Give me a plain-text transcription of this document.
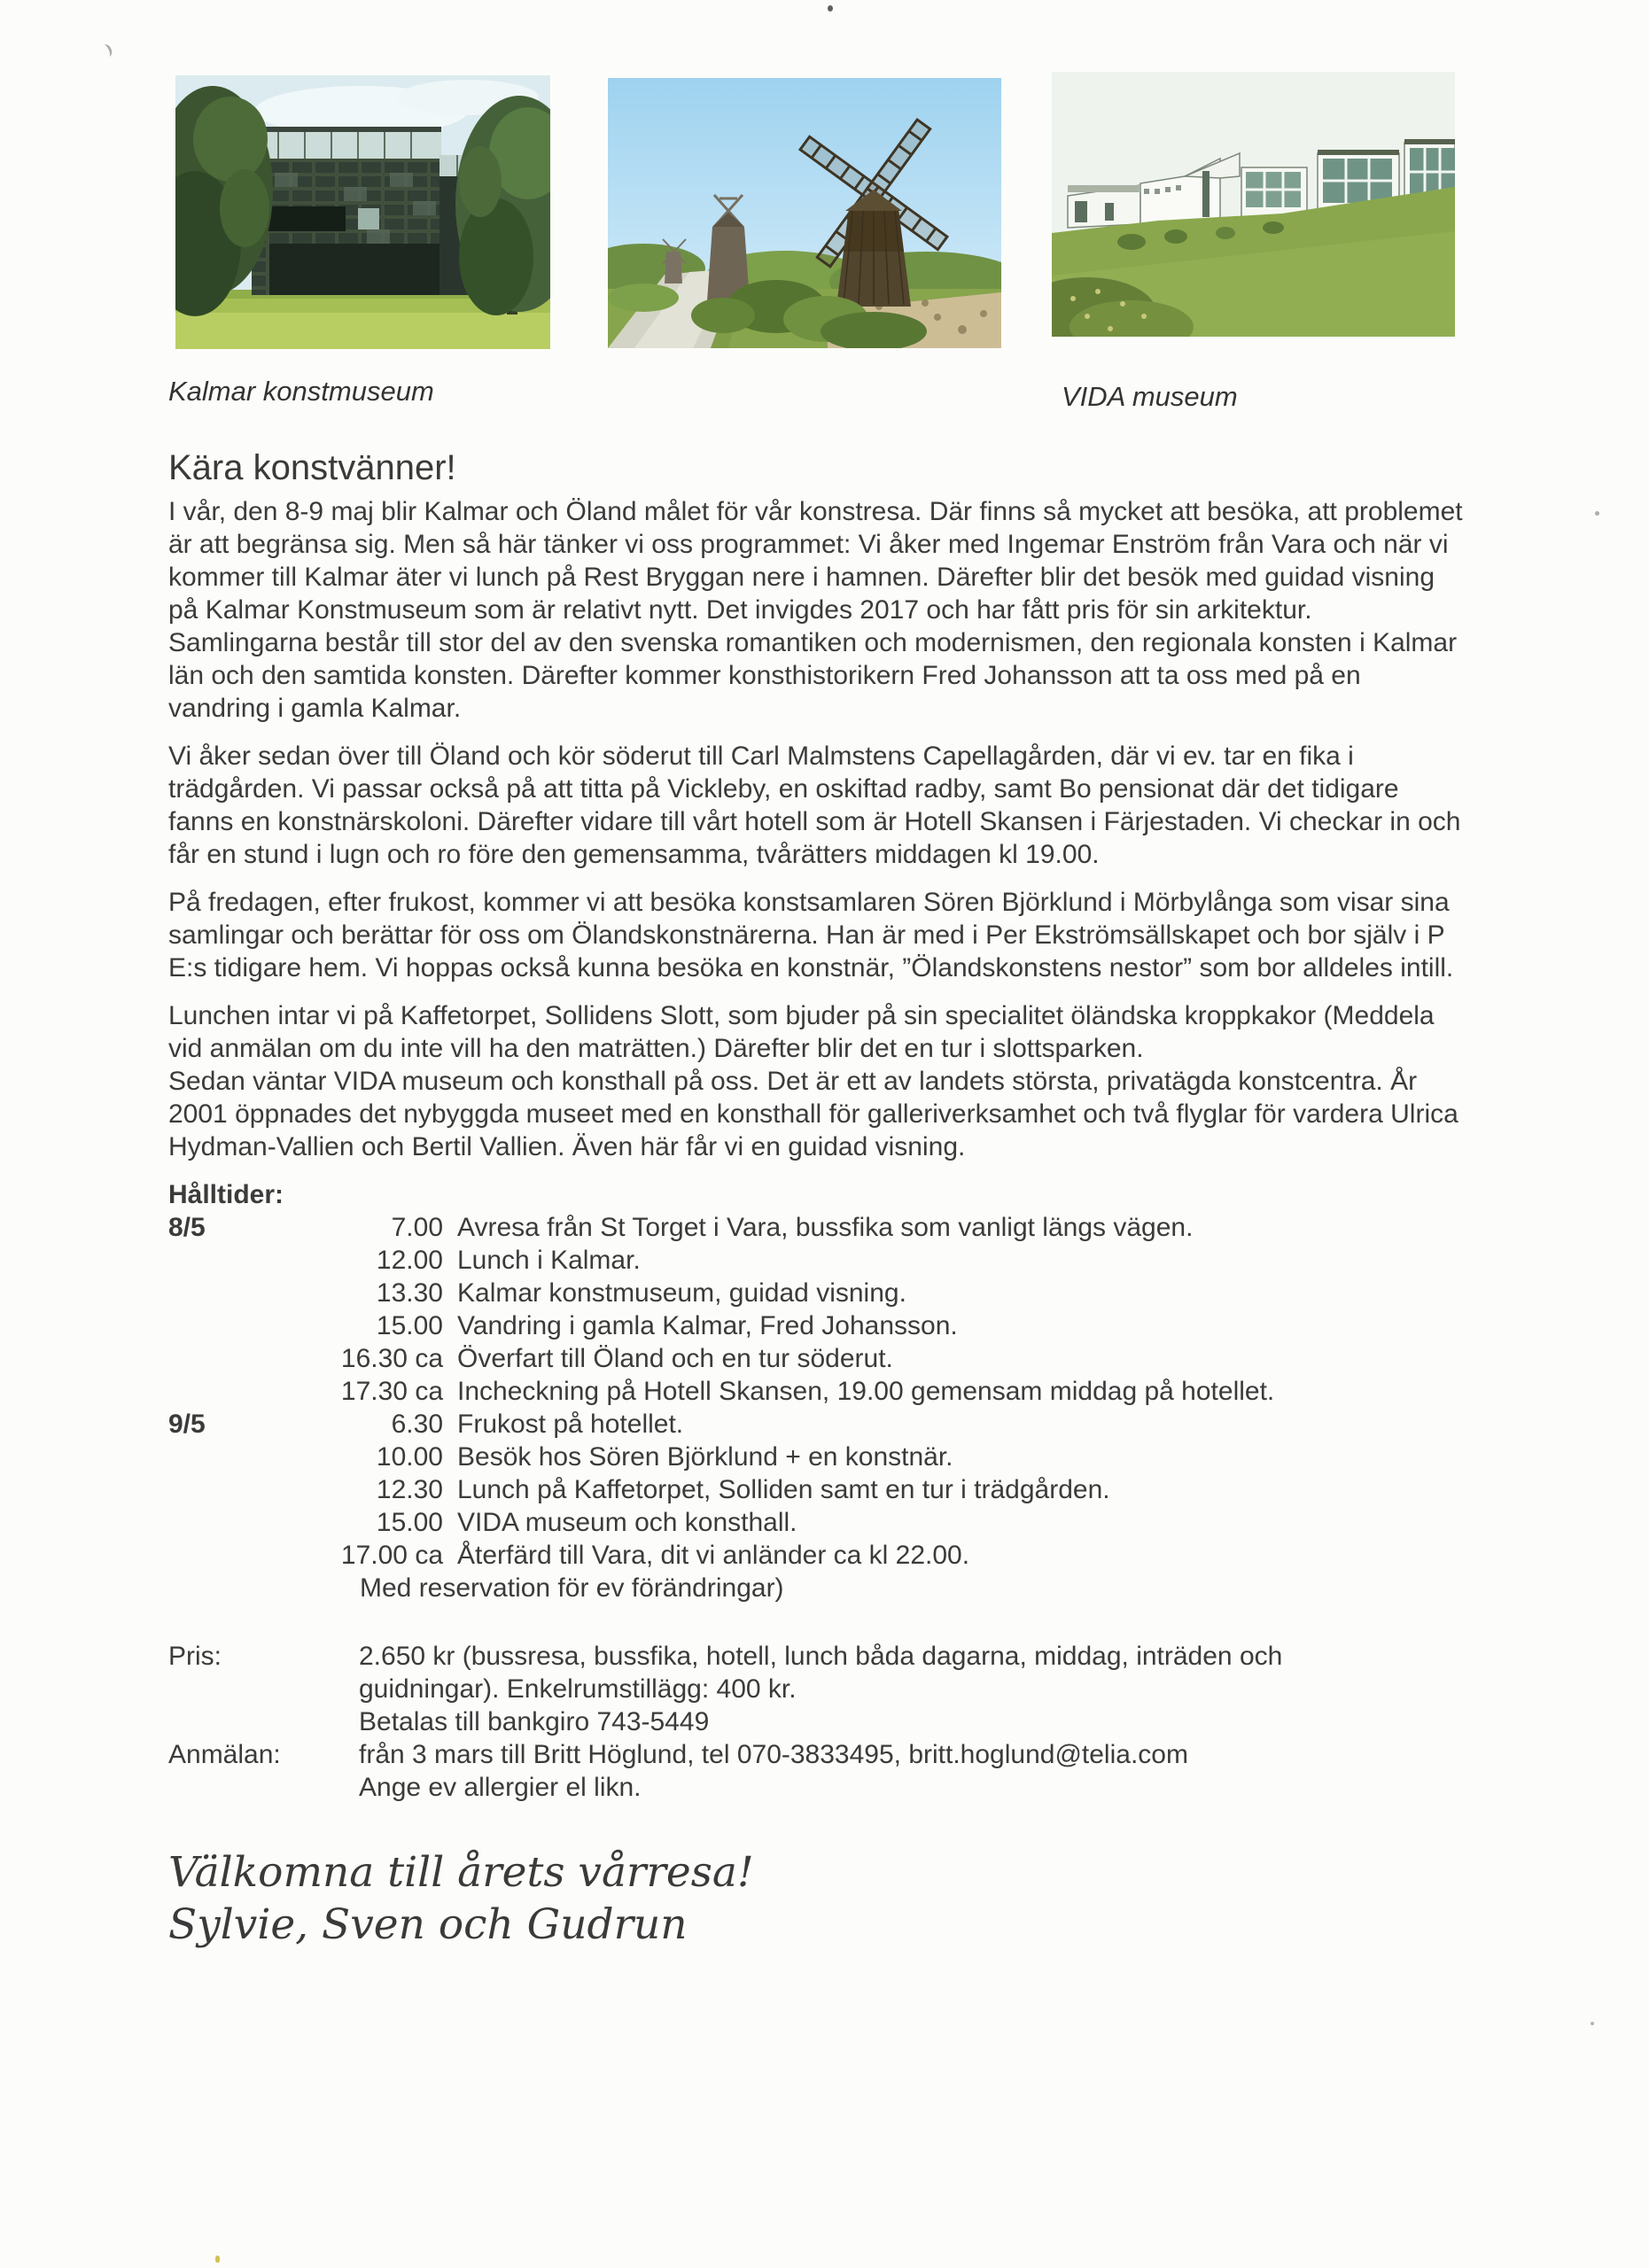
Kalmar konstmuseum	VIDA museum
Kära konstvänner!

I vår, den 8-9 maj blir Kalmar och Öland målet för vår konstresa. Där finns så mycket att besöka, att problemet är att begränsa sig. Men så här tänker vi oss programmet: Vi åker med Ingemar Enström från Vara och när vi kommer till Kalmar äter vi lunch på Rest Bryggan nere i hamnen. Därefter blir det besök med guidad visning på Kalmar Konstmuseum som är relativt nytt. Det invigdes 2017 och har fått pris för sin arkitektur. Samlingarna består till stor del av den svenska romantiken och modernismen, den regionala konsten i Kalmar län och den samtida konsten. Därefter kommer konsthistorikern Fred Johansson att ta oss med på en vandring i gamla Kalmar.

Vi åker sedan över till Öland och kör söderut till Carl Malmstens Capellagården, där vi ev. tar en fika i trädgården. Vi passar också på att titta på Vickleby, en oskiftad radby, samt Bo pensionat där det tidigare fanns en konstnärskoloni. Därefter vidare till vårt hotell som är Hotell Skansen i Färjestaden. Vi checkar in och får en stund i lugn och ro före den gemensamma, tvårätters middagen kl 19.00.

På fredagen, efter frukost, kommer vi att besöka konstsamlaren Sören Björklund i Mörbylånga som visar sina samlingar och berättar för oss om Ölandskonstnärerna. Han är med i Per Ekströmsällskapet och bor själv i P E:s tidigare hem. Vi hoppas också kunna besöka en konstnär, ”Ölandskonstens nestor” som bor alldeles intill.

Lunchen intar vi på Kaffetorpet, Sollidens Slott, som bjuder på sin specialitet öländska kroppkakor (Meddela vid anmälan om du inte vill ha den maträtten.) Därefter blir det en tur i slottsparken.

Sedan väntar VIDA museum och konsthall på oss. Det är ett av landets största, privatägda konstcentra. År 2001 öppnades det nybyggda museet med en konsthall för galleriverksamhet och två flyglar för vardera Ulrica Hydman-Vallien och Bertil Vallien. Även här får vi en guidad visning.

Hålltider:
8/5	7.00 Avresa från St Torget i Vara, bussfika som vanligt längs vägen.
12.00 Lunch i Kalmar.
13.30 Kalmar konstmuseum, guidad visning.
15.00 Vandring i gamla Kalmar, Fred Johansson.
16.30 ca Överfart till Öland och en tur söderut.
17.30 ca Incheckning på Hotell Skansen, 19.00 gemensam middag på hotellet.
9/5	6.30 Frukost på hotellet.
10.00 Besök hos Sören Björklund + en konstnär.
12.30 Lunch på Kaffetorpet, Solliden samt en tur i trädgården.
15.00 VIDA museum och konsthall.
17.00 ca Återfärd till Vara, dit vi anländer ca kl 22.00.
Med reservation för ev förändringar)
Pris:	2.650 kr (bussresa, bussfika, hotell, lunch båda dagarna, middag, inträden och
guidningar). Enkelrumstillägg: 400 kr.
Betalas till bankgiro 743-5449
Anmälan:	från 3 mars till Britt Höglund, tel 070-3833495, britt.hoglund@telia.com
Ange ev allergier el likn.
Välkomna till årets vårresa!
Sylvie, Sven och Gudrun
